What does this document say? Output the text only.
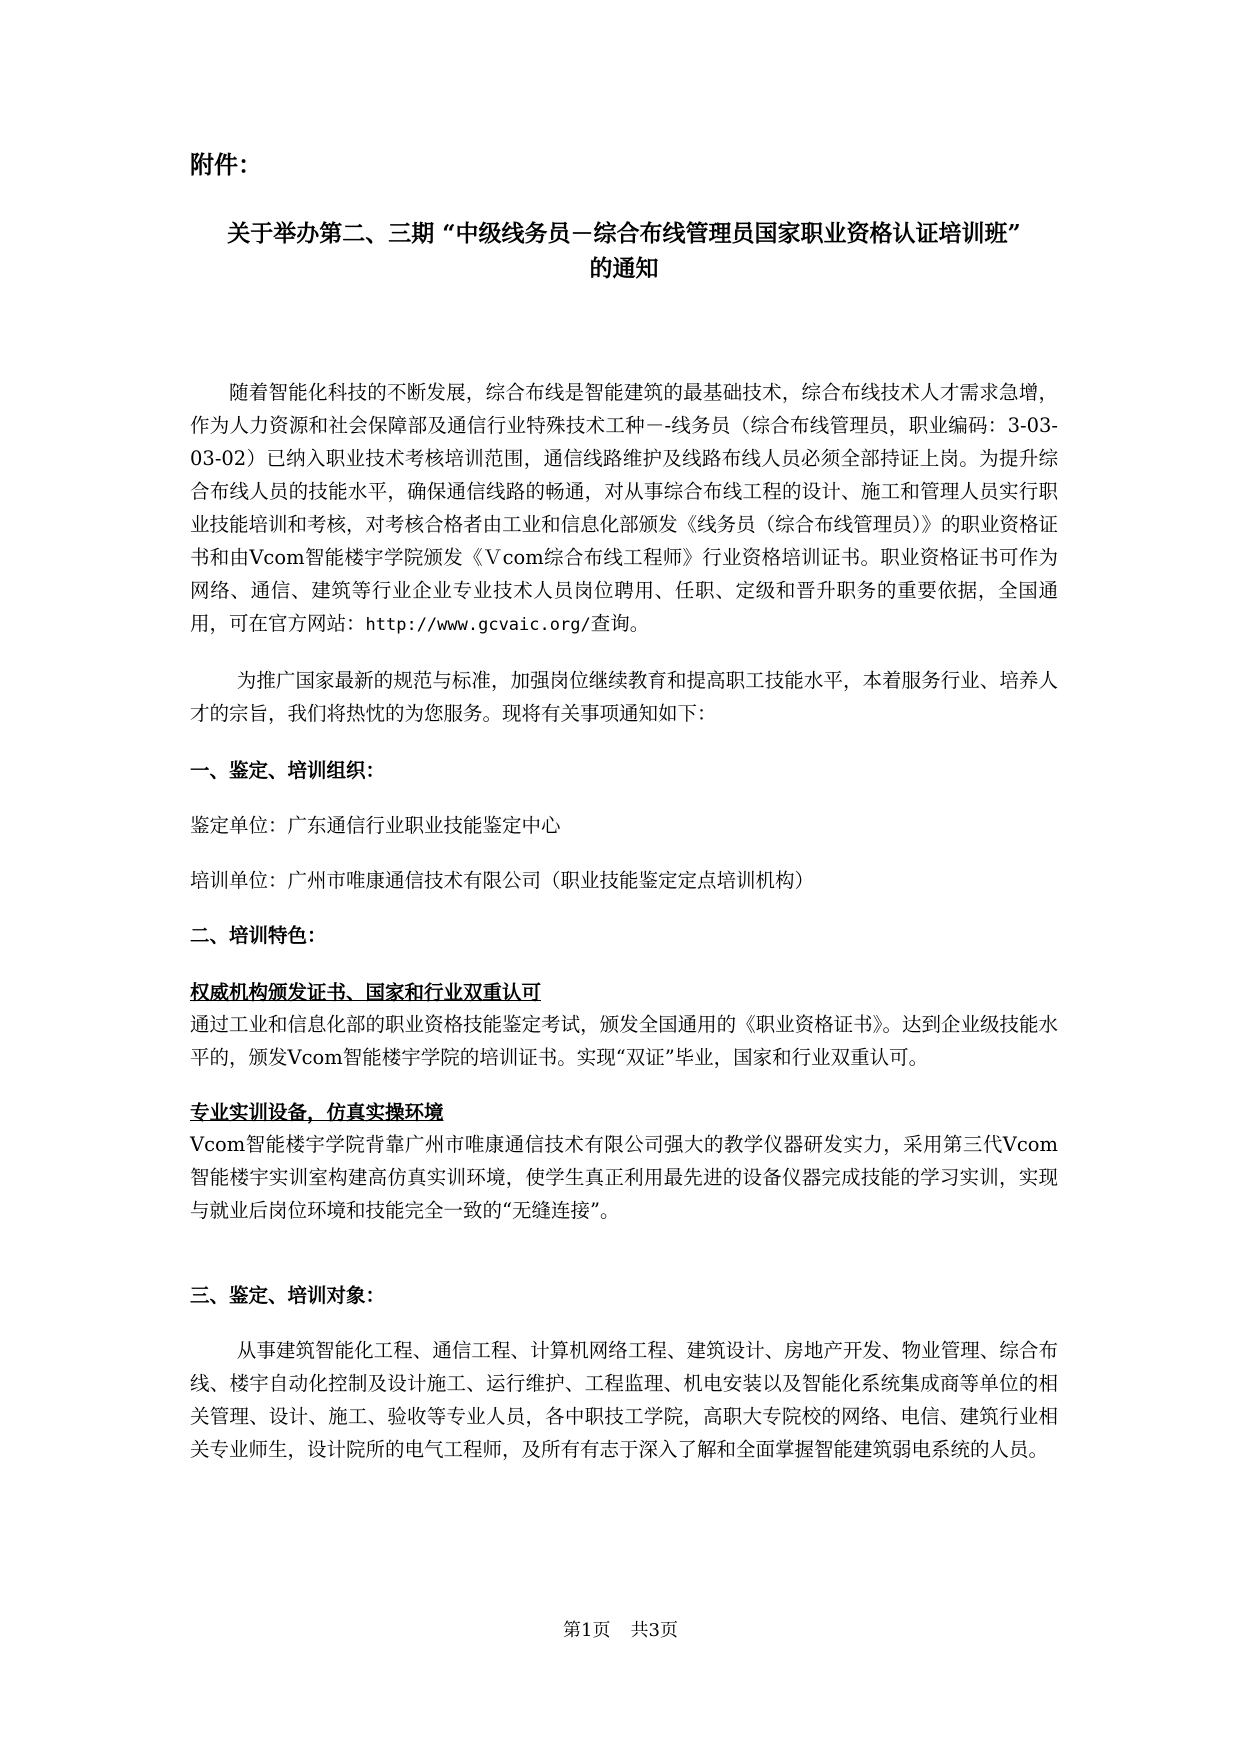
附件：

关于举办第二、三期 “中级线务员－综合布线管理员国家职业资格认证培训班”
的通知

随着智能化科技的不断发展，综合布线是智能建筑的最基础技术，综合布线技术人才需求急增，作为人力资源和社会保障部及通信行业特殊技术工种－-线务员（综合布线管理员，职业编码：3-03-03-02）已纳入职业技术考核培训范围，通信线路维护及线路布线人员必须全部持证上岗。为提升综合布线人员的技能水平，确保通信线路的畅通，对从事综合布线工程的设计、施工和管理人员实行职业技能培训和考核，对考核合格者由工业和信息化部颁发《线务员（综合布线管理员）》的职业资格证书和由Vcom智能楼宇学院颁发《Ｖcom综合布线工程师》行业资格培训证书。职业资格证书可作为网络、通信、建筑等行业企业专业技术人员岗位聘用、任职、定级和晋升职务的重要依据，全国通用，可在官方网站：http://www.gcvaic.org/查询。

为推广国家最新的规范与标准，加强岗位继续教育和提高职工技能水平，本着服务行业、培养人才的宗旨，我们将热忱的为您服务。现将有关事项通知如下：

一、鉴定、培训组织：

鉴定单位：广东通信行业职业技能鉴定中心

培训单位：广州市唯康通信技术有限公司（职业技能鉴定定点培训机构）

二、培训特色：

权威机构颁发证书、国家和行业双重认可

通过工业和信息化部的职业资格技能鉴定考试，颁发全国通用的《职业资格证书》。达到企业级技能水平的，颁发Vcom智能楼宇学院的培训证书。实现“双证”毕业，国家和行业双重认可。

专业实训设备，仿真实操环境

Vcom智能楼宇学院背靠广州市唯康通信技术有限公司强大的教学仪器研发实力，采用第三代Vcom智能楼宇实训室构建高仿真实训环境，使学生真正利用最先进的设备仪器完成技能的学习实训，实现与就业后岗位环境和技能完全一致的“无缝连接”。

三、鉴定、培训对象：

从事建筑智能化工程、通信工程、计算机网络工程、建筑设计、房地产开发、物业管理、综合布线、楼宇自动化控制及设计施工、运行维护、工程监理、机电安装以及智能化系统集成商等单位的相关管理、设计、施工、验收等专业人员，各中职技工学院，高职大专院校的网络、电信、建筑行业相关专业师生，设计院所的电气工程师，及所有有志于深入了解和全面掌握智能建筑弱电系统的人员。

第1页 共3页
